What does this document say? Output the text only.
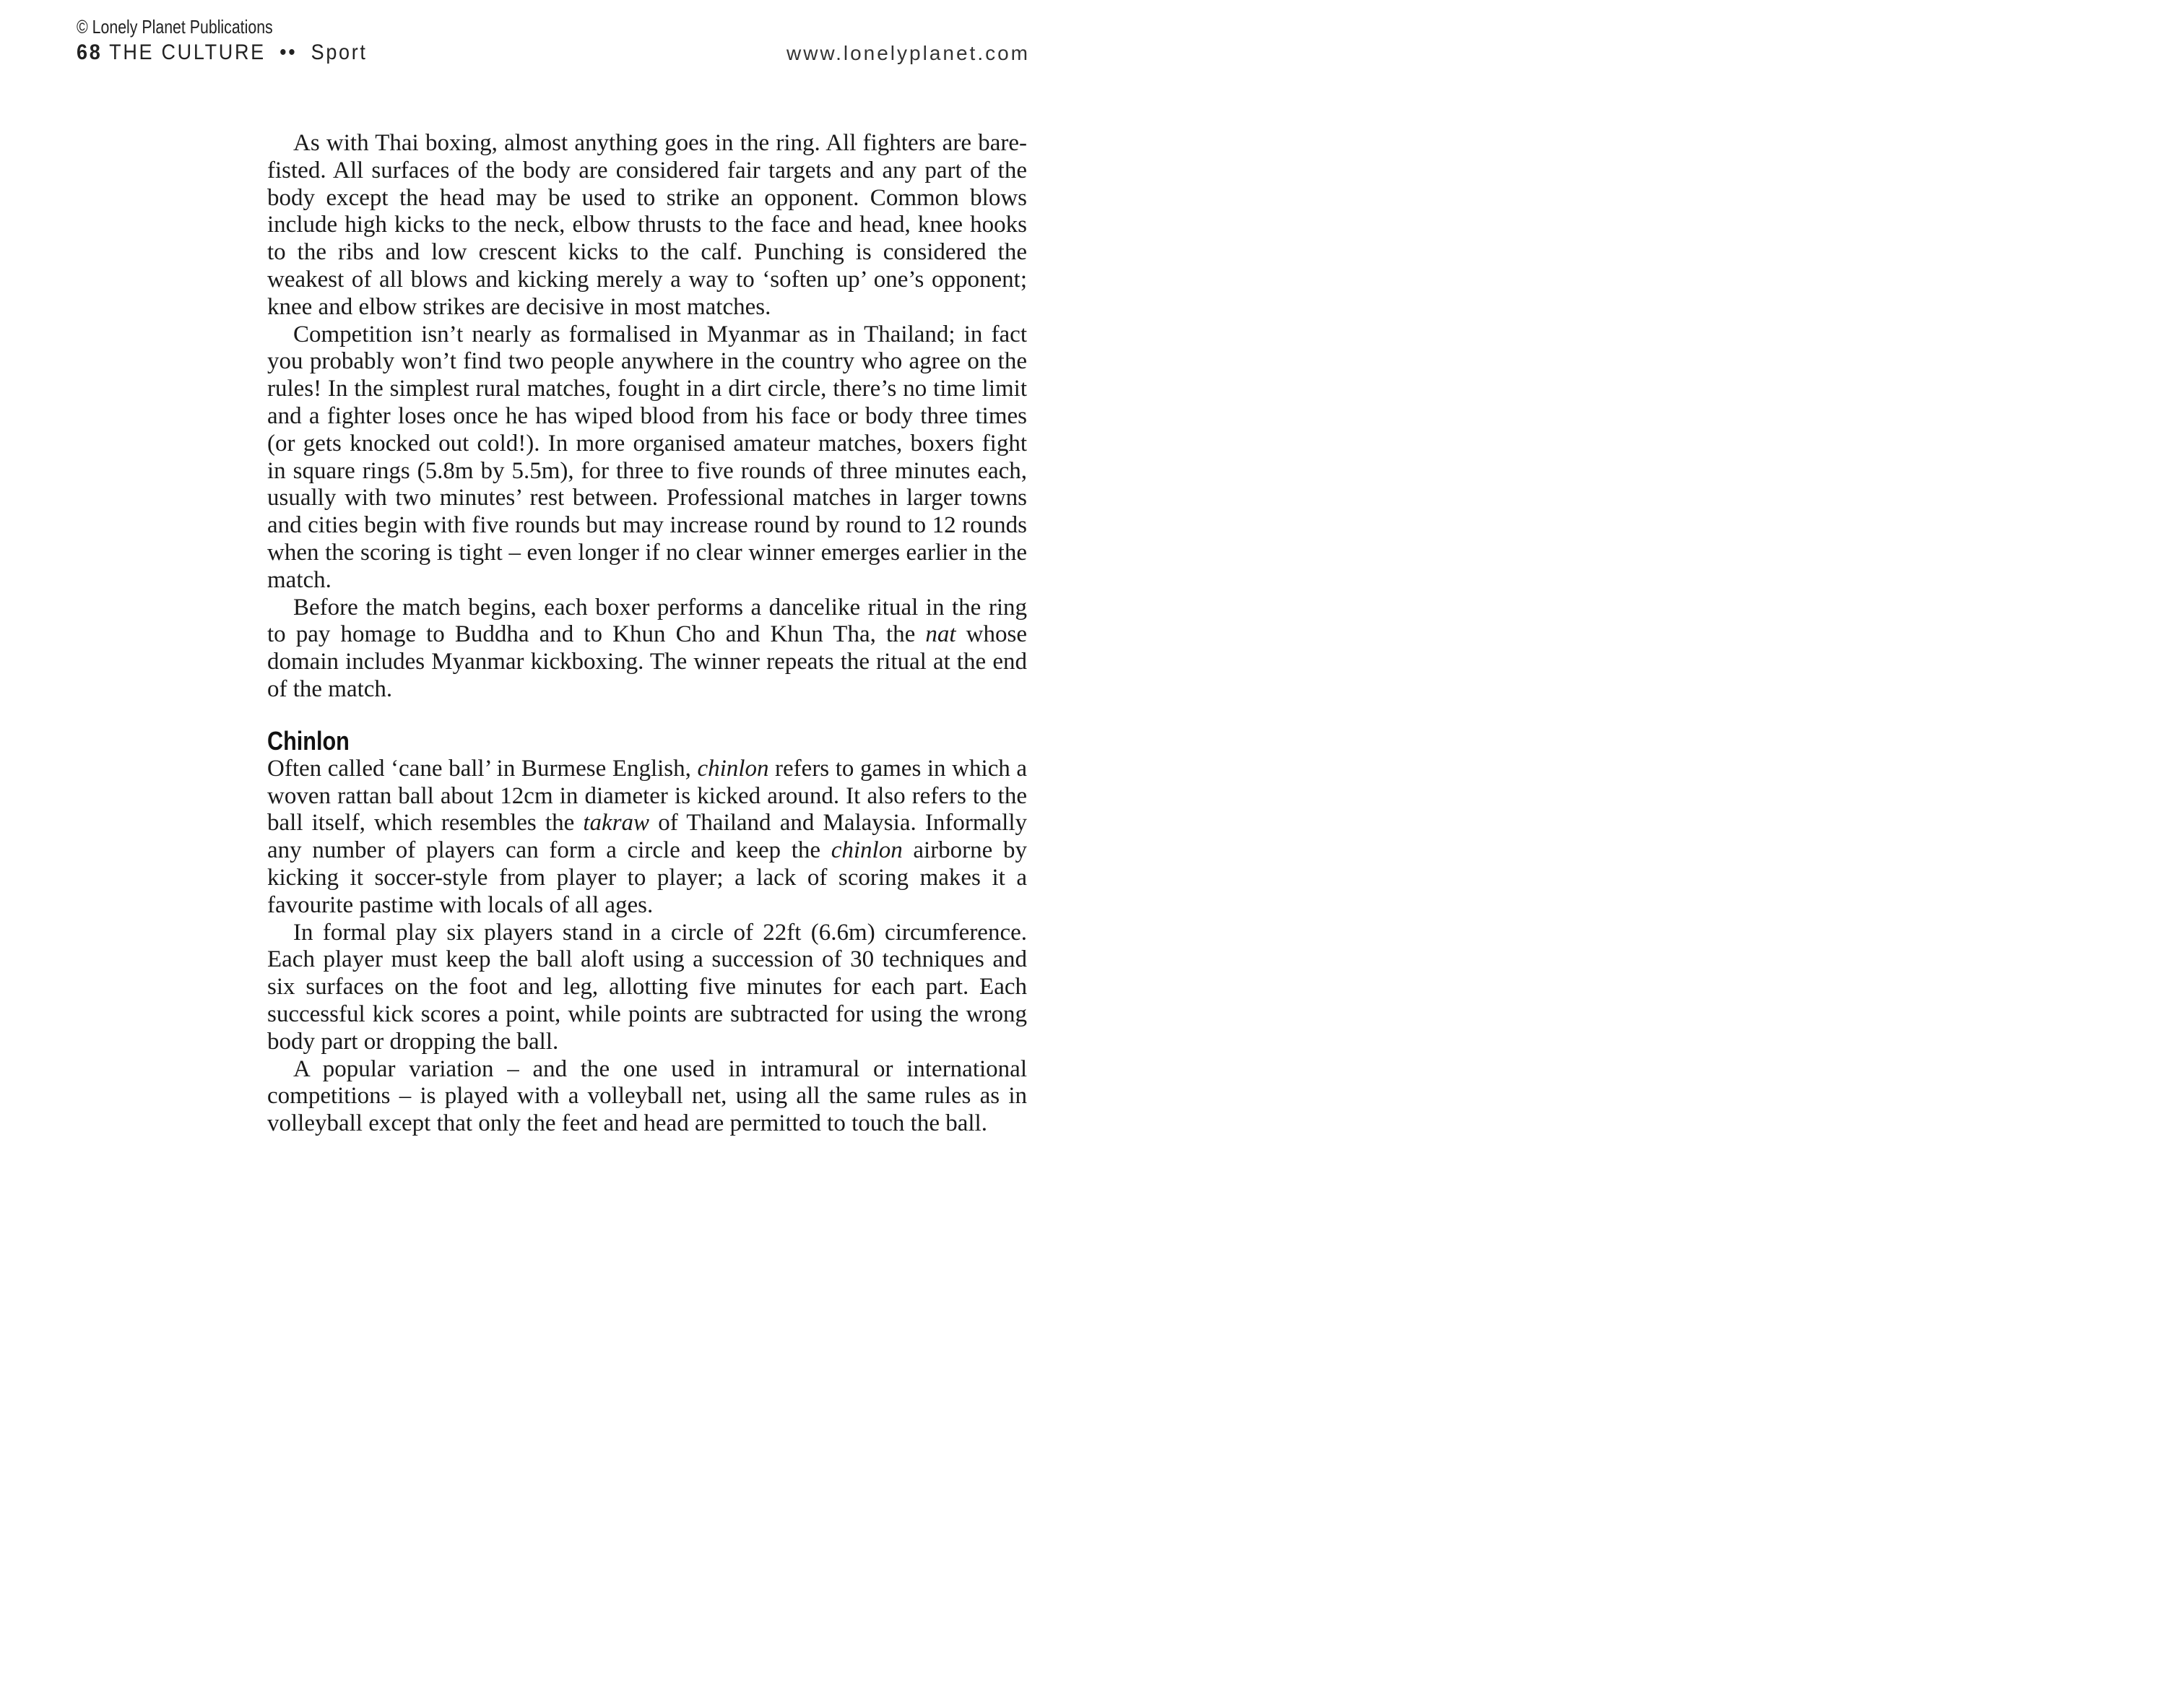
© Lonely Planet Publications
68 THE CULTURE •• Sport	www.lonelyplanet.com

As with Thai boxing, almost anything goes in the ring. All fighters are bare-fisted. All surfaces of the body are considered fair targets and any part of the body except the head may be used to strike an opponent. Common blows include high kicks to the neck, elbow thrusts to the face and head, knee hooks to the ribs and low crescent kicks to the calf. Punching is considered the weakest of all blows and kicking merely a way to ‘soften up’ one’s opponent; knee and elbow strikes are decisive in most matches.

Competition isn’t nearly as formalised in Myanmar as in Thailand; in fact you probably won’t find two people anywhere in the country who agree on the rules! In the simplest rural matches, fought in a dirt circle, there’s no time limit and a fighter loses once he has wiped blood from his face or body three times (or gets knocked out cold!). In more organised amateur matches, boxers fight in square rings (5.8m by 5.5m), for three to five rounds of three minutes each, usually with two minutes’ rest between. Professional matches in larger towns and cities begin with five rounds but may increase round by round to 12 rounds when the scoring is tight – even longer if no clear winner emerges earlier in the match.

Before the match begins, each boxer performs a dancelike ritual in the ring to pay homage to Buddha and to Khun Cho and Khun Tha, the nat whose domain includes Myanmar kickboxing. The winner repeats the ritual at the end of the match.

Chinlon

Often called ‘cane ball’ in Burmese English, chinlon refers to games in which a woven rattan ball about 12cm in diameter is kicked around. It also refers to the ball itself, which resembles the takraw of Thailand and Malaysia. Informally any number of players can form a circle and keep the chinlon airborne by kicking it soccer-style from player to player; a lack of scoring makes it a favourite pastime with locals of all ages.

In formal play six players stand in a circle of 22ft (6.6m) circumference. Each player must keep the ball aloft using a succession of 30 techniques and six surfaces on the foot and leg, allotting five minutes for each part. Each successful kick scores a point, while points are subtracted for using the wrong body part or dropping the ball.

A popular variation – and the one used in intramural or international competitions – is played with a volleyball net, using all the same rules as in volleyball except that only the feet and head are permitted to touch the ball.
